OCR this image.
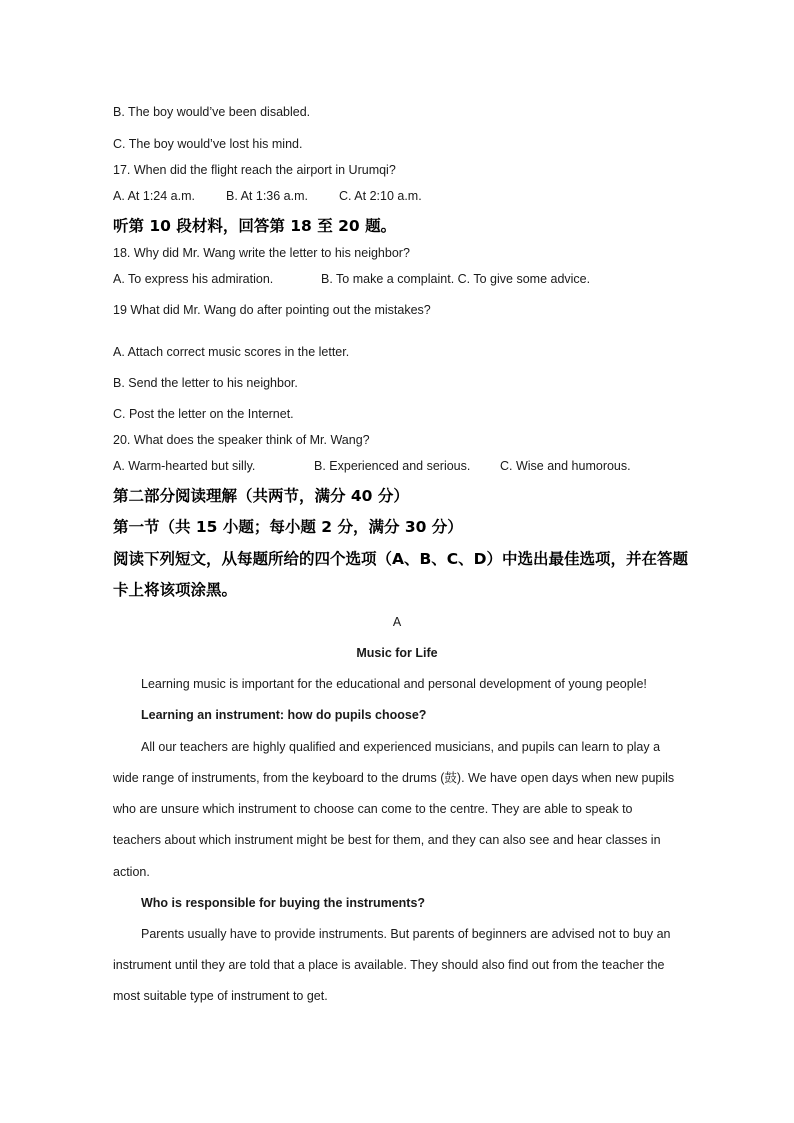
B. The boy would’ve been disabled.
C. The boy would’ve lost his mind.
17. When did the flight reach the airport in Urumqi?
A. At 1:24 a.m. B. At 1:36 a.m. C. At 2:10 a.m.
听第 10 段材料，回答第 18 至 20 题。
18. Why did Mr. Wang write the letter to his neighbor?
A. To express his admiration.	B. To make a complaint. C. To give some advice.
19 What did Mr. Wang do after pointing out the mistakes?
A. Attach correct music scores in the letter.
B. Send the letter to his neighbor.
C. Post the letter on the Internet.
20. What does the speaker think of Mr. Wang?
A. Warm-hearted but silly.	B. Experienced and serious. C. Wise and humorous.
第二部分阅读理解（共两节，满分 40 分）
第一节（共 15 小题；每小题 2 分，满分 30 分）
阅读下列短文，从每题所给的四个选项（A、B、C、D）中选出最佳选项，并在答题
卡上将该项涂黑。
A
Music for Life
Learning music is important for the educational and personal development of young people!
Learning an instrument: how do pupils choose?
All our teachers are highly qualified and experienced musicians, and pupils can learn to play a
wide range of instruments, from the keyboard to the drums (鼓). We have open days when new pupils
who are unsure which instrument to choose can come to the centre. They are able to speak to
teachers about which instrument might be best for them, and they can also see and hear classes in
action.
Who is responsible for buying the instruments?
Parents usually have to provide instruments. But parents of beginners are advised not to buy an
instrument until they are told that a place is available. They should also find out from the teacher the
most suitable type of instrument to get.
